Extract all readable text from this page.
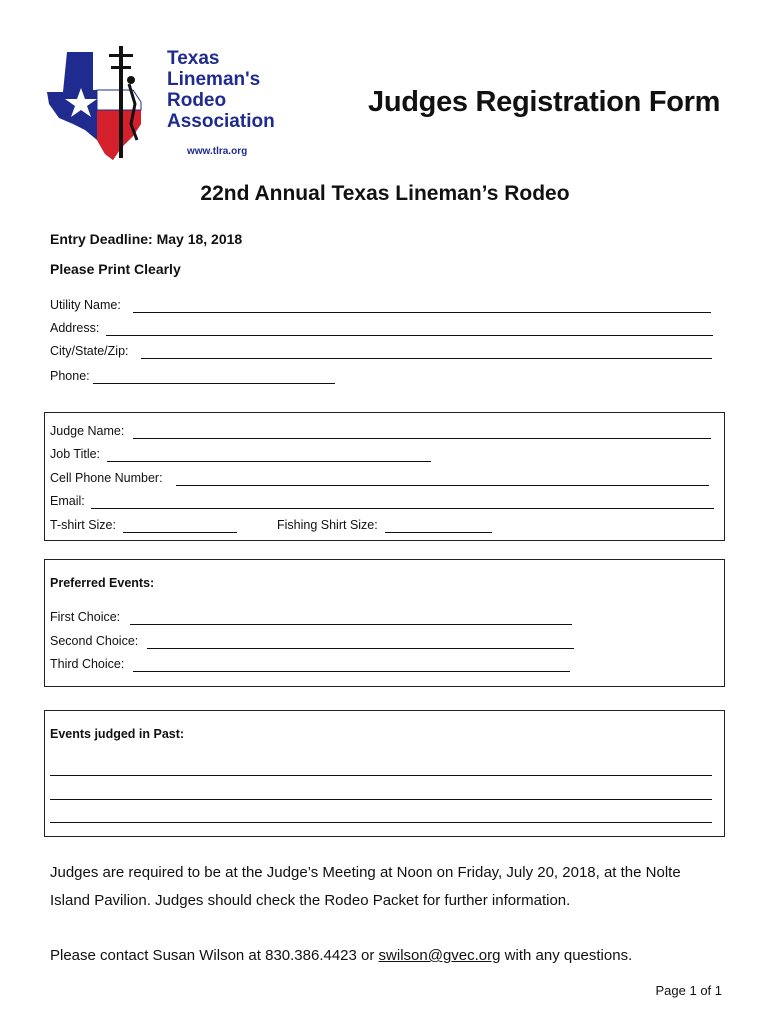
Texas
Lineman's
Rodeo
Association
www.tlra.org
Judges Registration Form
22nd Annual Texas Lineman’s Rodeo
Entry Deadline: May 18, 2018
Please Print Clearly
Utility Name:
Address:
City/State/Zip:
Phone:
Judge Name:
Job Title:
Cell Phone Number:
Email:
T-shirt Size:	Fishing Shirt Size:
Preferred Events:
First Choice:
Second Choice:
Third Choice:
Events judged in Past:
Judges are required to be at the Judge’s Meeting at Noon on Friday, July 20, 2018, at the Nolte
Island Pavilion. Judges should check the Rodeo Packet for further information.
Please contact Susan Wilson at 830.386.4423 or swilson@gvec.org with any questions.
Page 1 of 1
